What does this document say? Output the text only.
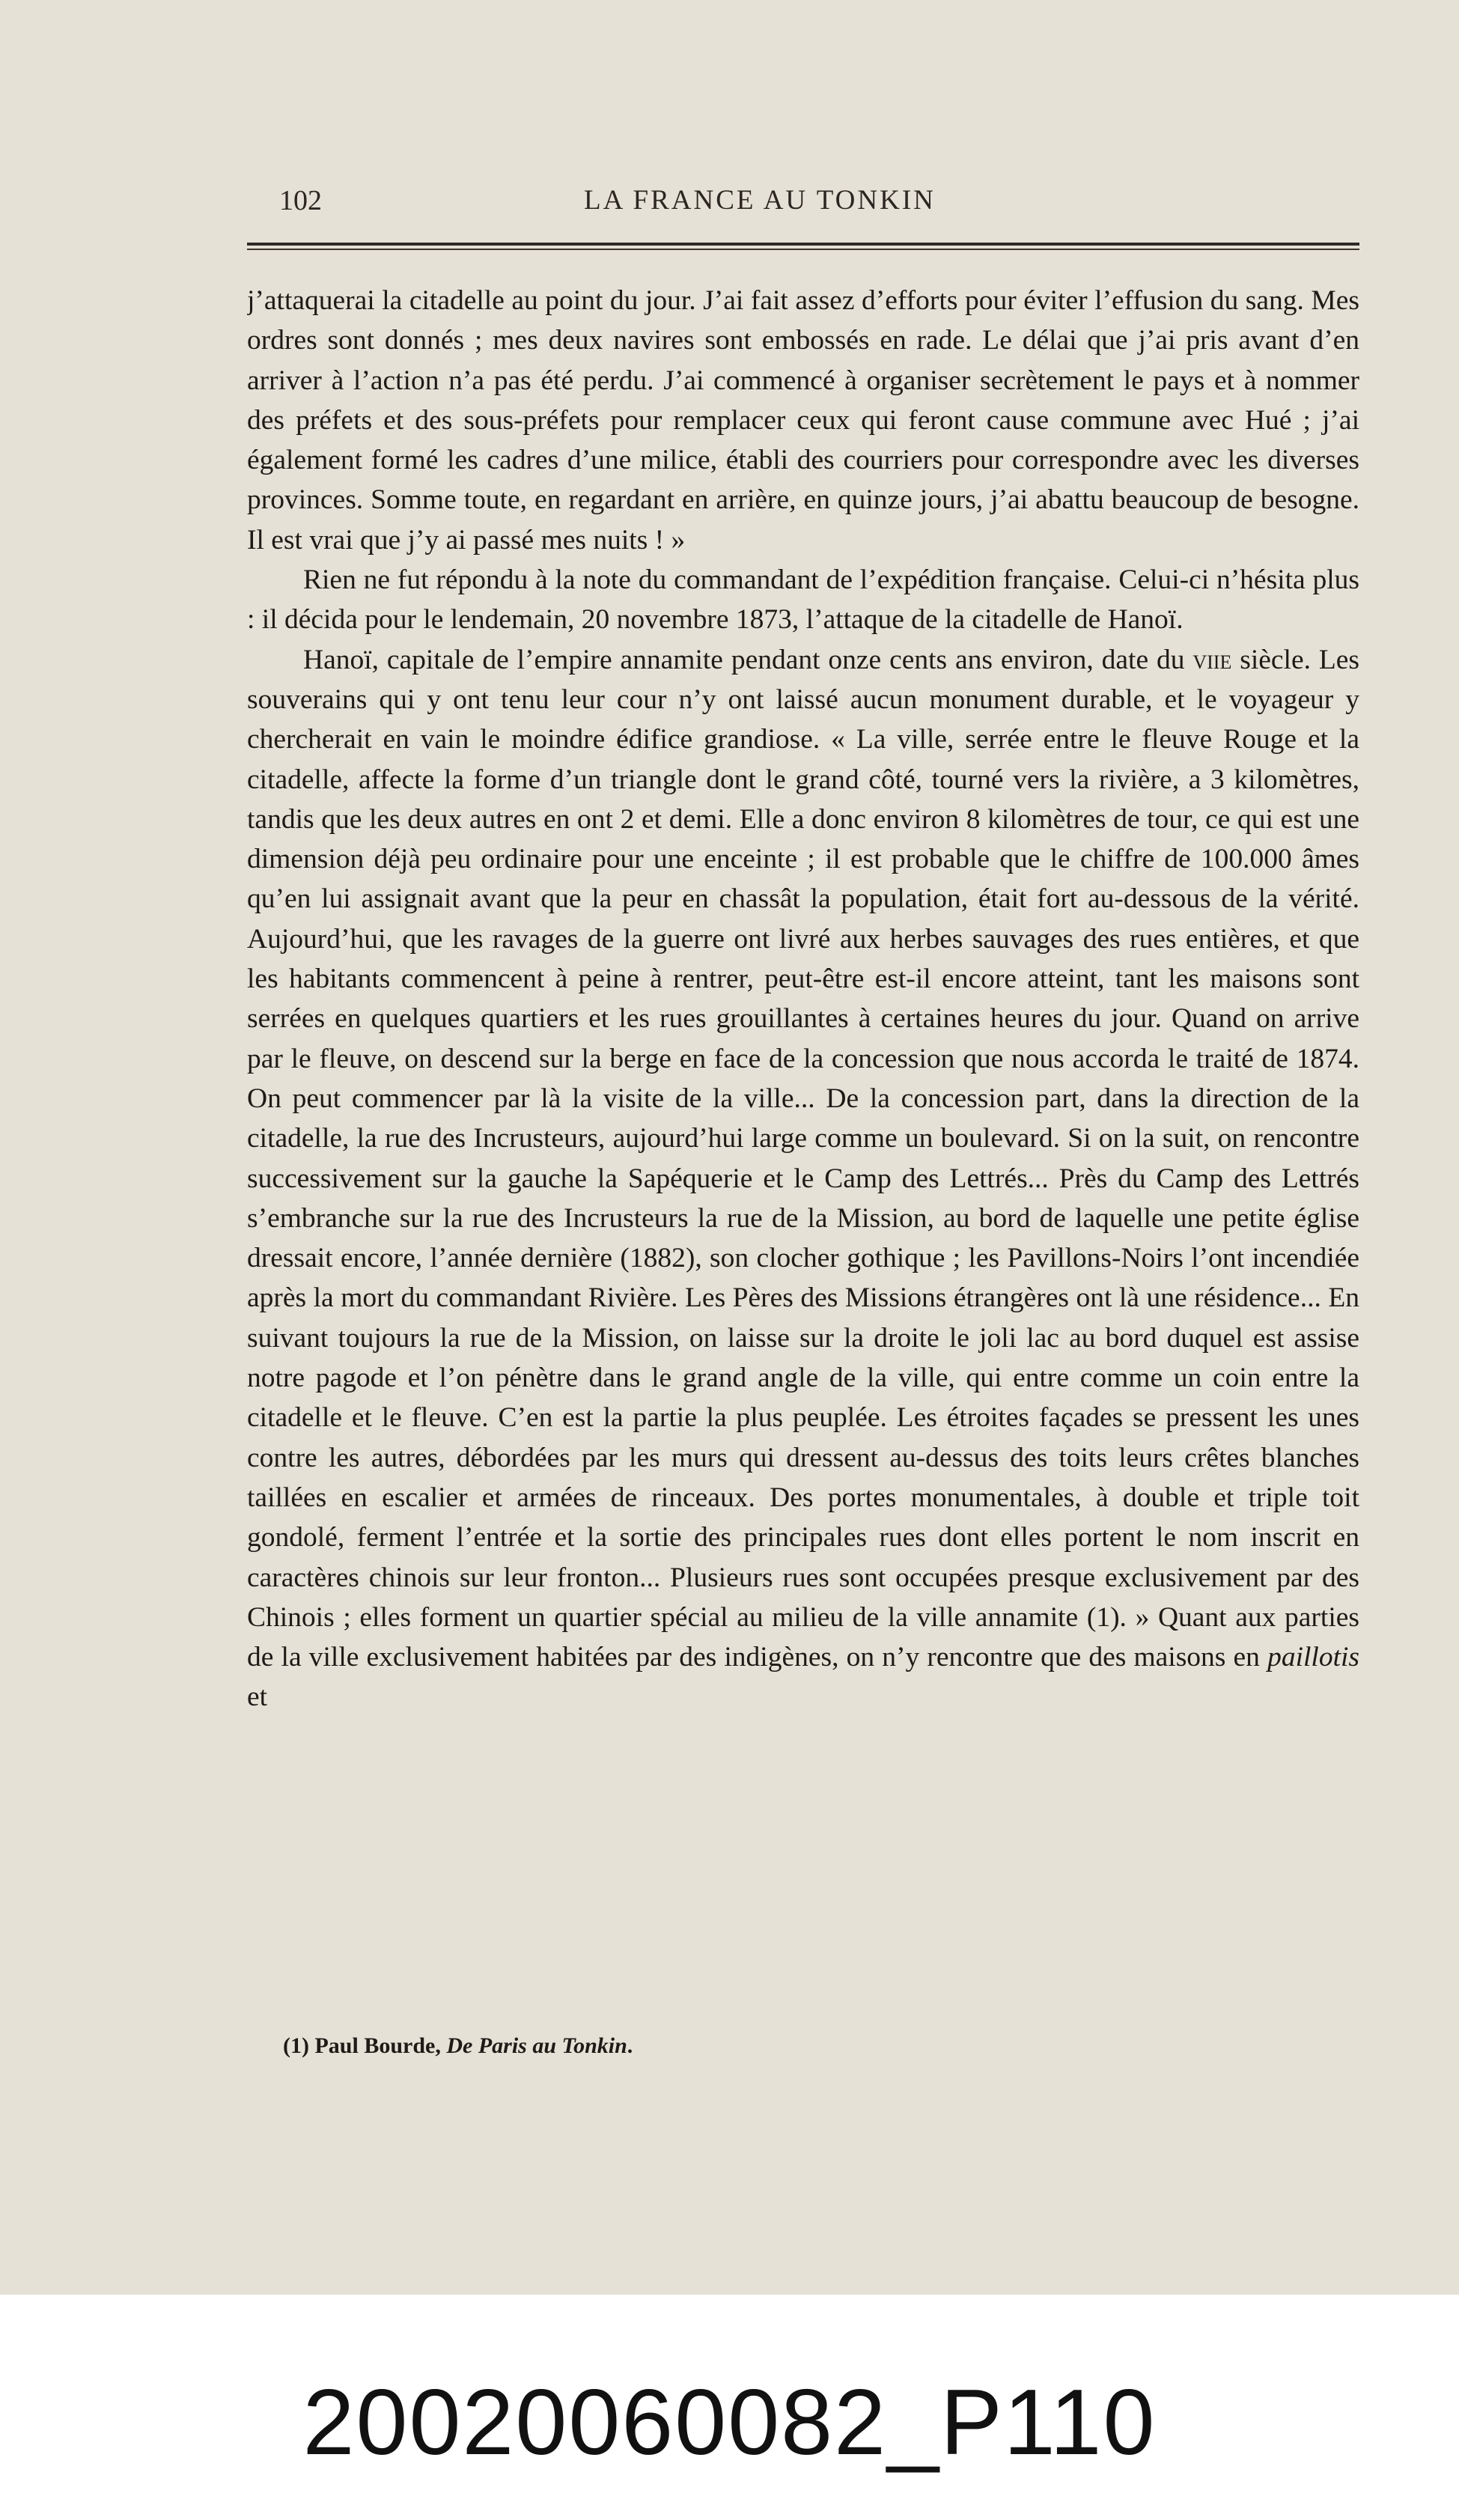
102	LA FRANCE AU TONKIN

j’attaquerai la citadelle au point du jour. J’ai fait assez d’efforts pour éviter l’effusion du sang. Mes ordres sont donnés ; mes deux navires sont embossés en rade. Le délai que j’ai pris avant d’en arriver à l’action n’a pas été perdu. J’ai commencé à organiser secrètement le pays et à nommer des préfets et des sous-préfets pour remplacer ceux qui feront cause commune avec Hué ; j’ai également formé les cadres d’une milice, établi des courriers pour correspondre avec les diverses provinces. Somme toute, en regardant en arrière, en quinze jours, j’ai abattu beaucoup de besogne. Il est vrai que j’y ai passé mes nuits ! »

Rien ne fut répondu à la note du commandant de l’expédition française. Celui-ci n’hésita plus : il décida pour le lendemain, 20 novembre 1873, l’attaque de la citadelle de Hanoï.

Hanoï, capitale de l’empire annamite pendant onze cents ans environ, date du viie siècle. Les souverains qui y ont tenu leur cour n’y ont laissé aucun monument durable, et le voyageur y chercherait en vain le moindre édifice grandiose. « La ville, serrée entre le fleuve Rouge et la citadelle, affecte la forme d’un triangle dont le grand côté, tourné vers la rivière, a 3 kilomètres, tandis que les deux autres en ont 2 et demi. Elle a donc environ 8 kilomètres de tour, ce qui est une dimension déjà peu ordinaire pour une enceinte ; il est probable que le chiffre de 100.000 âmes qu’en lui assignait avant que la peur en chassât la population, était fort au-dessous de la vérité. Aujourd’hui, que les ravages de la guerre ont livré aux herbes sauvages des rues entières, et que les habitants commencent à peine à rentrer, peut-être est-il encore atteint, tant les maisons sont serrées en quelques quartiers et les rues grouillantes à certaines heures du jour. Quand on arrive par le fleuve, on descend sur la berge en face de la concession que nous accorda le traité de 1874. On peut commencer par là la visite de la ville... De la concession part, dans la direction de la citadelle, la rue des Incrusteurs, aujourd’hui large comme un boulevard. Si on la suit, on rencontre successivement sur la gauche la Sapéquerie et le Camp des Lettrés... Près du Camp des Lettrés s’embranche sur la rue des Incrusteurs la rue de la Mission, au bord de laquelle une petite église dressait encore, l’année dernière (1882), son clocher gothique ; les Pavillons-Noirs l’ont incendiée après la mort du commandant Rivière. Les Pères des Missions étrangères ont là une résidence... En suivant toujours la rue de la Mission, on laisse sur la droite le joli lac au bord duquel est assise notre pagode et l’on pénètre dans le grand angle de la ville, qui entre comme un coin entre la citadelle et le fleuve. C’en est la partie la plus peuplée. Les étroites façades se pressent les unes contre les autres, débordées par les murs qui dressent au-dessus des toits leurs crêtes blanches taillées en escalier et armées de rinceaux. Des portes monumentales, à double et triple toit gondolé, ferment l’entrée et la sortie des principales rues dont elles portent le nom inscrit en caractères chinois sur leur fronton... Plusieurs rues sont occupées presque exclusivement par des Chinois ; elles forment un quartier spécial au milieu de la ville annamite (1). » Quant aux parties de la ville exclusivement habitées par des indigènes, on n’y rencontre que des maisons en paillotis et

(1) Paul Bourde, De Paris au Tonkin.
20020060082_P110
